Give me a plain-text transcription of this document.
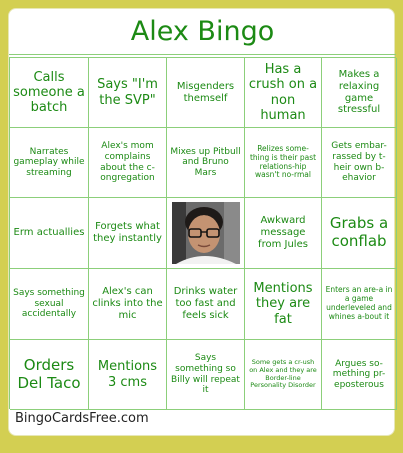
Alex Bingo
Calls someone a batch
Says "I'm the SVP"
Misgenders themself
Has a crush on a non human
Makes a relaxing game stressful
Narrates gameplay while streaming
Alex's mom complains about the c-ongregation
Mixes up Pitbull and Bruno Mars
Relizes some-thing is their past relations-hip wasn't no-rmal
Gets embar-rassed by t-heir own b-ehavior
Erm actuallies
Forgets what they instantly
Awkward message from Jules
Grabs a conflab
Says something sexual accidentally
Alex's can clinks into the mic
Drinks water too fast and feels sick
Mentions they are fat
Enters an are-a in a game underleveled and whines a-bout it
Orders Del Taco
Mentions 3 cms
Says something so Billy will repeat it
Some gets a cr-ush on Alex and they are Border-line Personality Disorder
Argues so-mething pr-eposterous
BingoCardsFree.com
